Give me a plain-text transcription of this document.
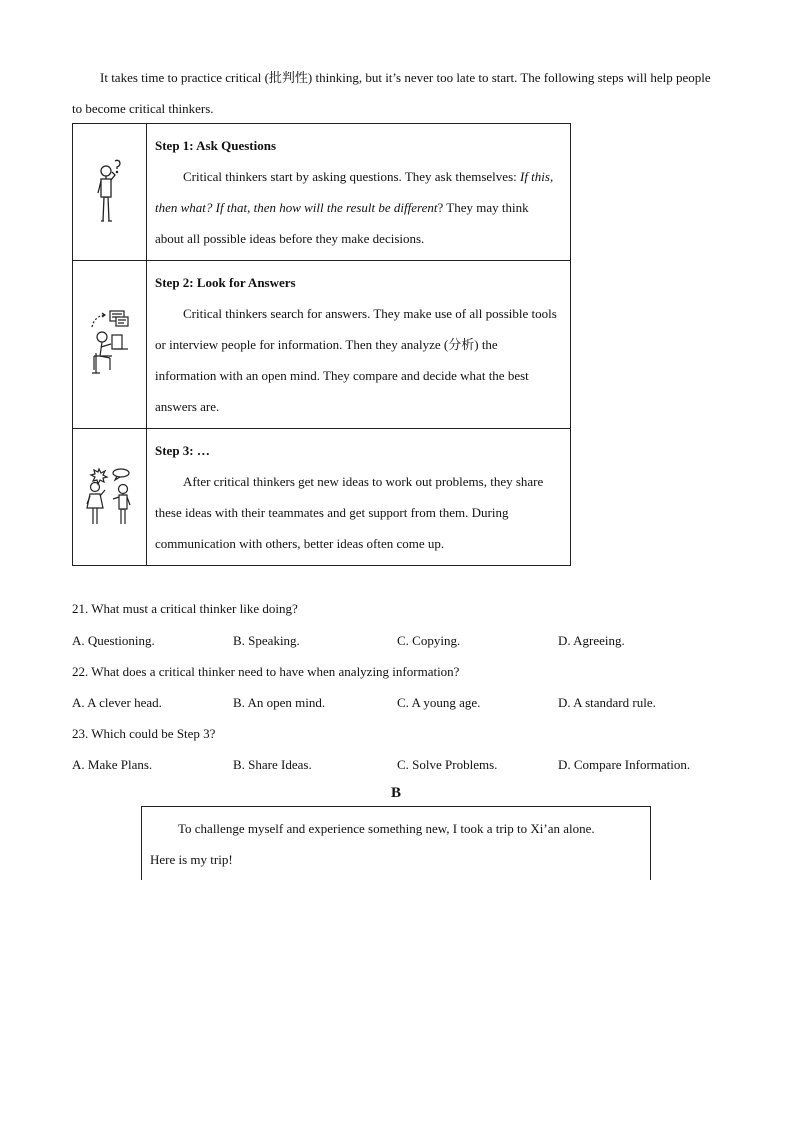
It takes time to practice critical (批判性) thinking, but it’s never too late to start. The following steps will help people to become critical thinkers.

Step 1: Ask Questions
Critical thinkers start by asking questions. They ask themselves: If this, then what? If that, then how will the result be different? They may think about all possible ideas before they make decisions.

Step 2: Look for Answers
Critical thinkers search for answers. They make use of all possible tools or interview people for information. Then they analyze (分析) the information with an open mind. They compare and decide what the best answers are.

Step 3: …
After critical thinkers get new ideas to work out problems, they share these ideas with their teammates and get support from them. During communication with others, better ideas often come up.
21. What must a critical thinker like doing?
A. Questioning.	B. Speaking.	C. Copying.	D. Agreeing.
22. What does a critical thinker need to have when analyzing information?
A. A clever head.	B. An open mind.	C. A young age.	D. A standard rule.
23. Which could be Step 3?
A. Make Plans.	B. Share Ideas.	C. Solve Problems.	D. Compare Information.
B
To challenge myself and experience something new, I took a trip to Xi’an alone.
Here is my trip!
